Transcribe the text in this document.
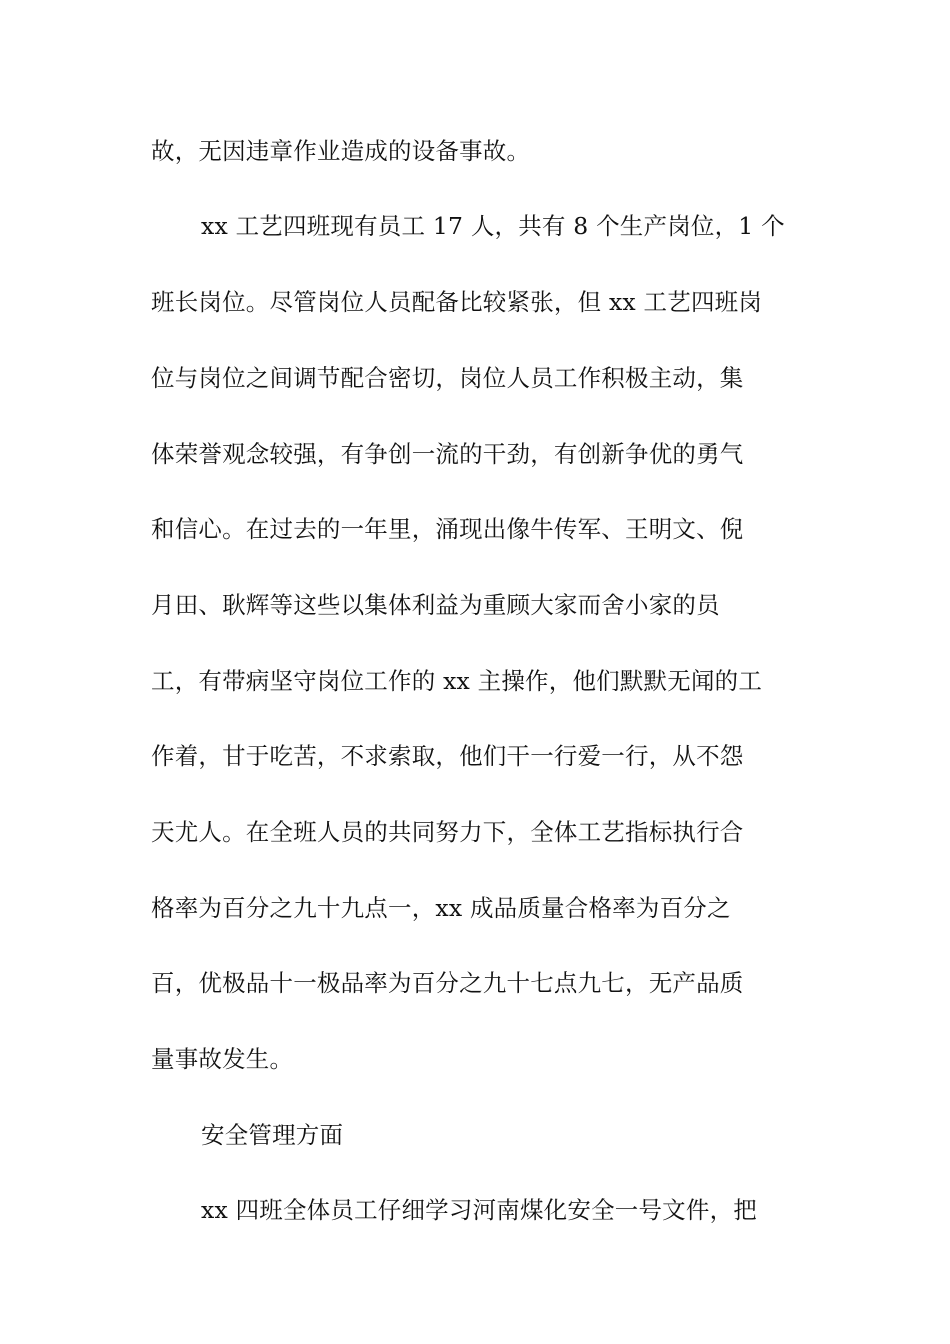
故，无因违章作业造成的设备事故。
xx 工艺四班现有员工 17 人，共有 8 个生产岗位，1 个
班长岗位。尽管岗位人员配备比较紧张，但 xx 工艺四班岗
位与岗位之间调节配合密切，岗位人员工作积极主动，集
体荣誉观念较强，有争创一流的干劲，有创新争优的勇气
和信心。在过去的一年里，涌现出像牛传军、王明文、倪
月田、耿辉等这些以集体利益为重顾大家而舍小家的员
工，有带病坚守岗位工作的 xx 主操作，他们默默无闻的工
作着，甘于吃苦，不求索取，他们干一行爱一行，从不怨
天尤人。在全班人员的共同努力下，全体工艺指标执行合
格率为百分之九十九点一，xx 成品质量合格率为百分之
百，优极品十一极品率为百分之九十七点九七，无产品质
量事故发生。
安全管理方面
xx 四班全体员工仔细学习河南煤化安全一号文件，把
